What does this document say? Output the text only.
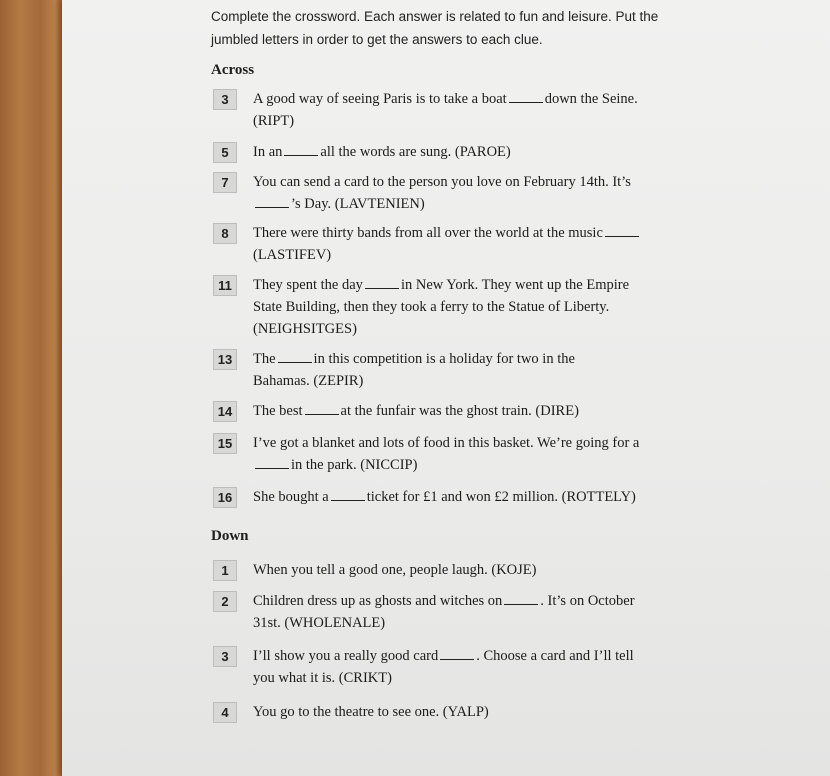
Complete the crossword. Each answer is related to fun and leisure. Put the
jumbled letters in order to get the answers to each clue.
Across
3	A good way of seeing Paris is to take a boat	down the Seine.
(RIPT)
5	In an	all the words are sung. (PAROE)
7	You can send a card to the person you love on February 14th. It’s
’s Day. (LAVTENIEN)
8	There were thirty bands from all over the world at the music
(LASTIFEV)
11	They spent the day	in New York. They went up the Empire
State Building, then they took a ferry to the Statue of Liberty.
(NEIGHSITGES)
13	The	in this competition is a holiday for two in the
Bahamas. (ZEPIR)
14	The best	at the funfair was the ghost train. (DIRE)
15	I’ve got a blanket and lots of food in this basket. We’re going for a
in the park. (NICCIP)
16	She bought a	ticket for £1 and won £2 million. (ROTTELY)
Down
1	When you tell a good one, people laugh. (KOJE)
2	Children dress up as ghosts and witches on	. It’s on October
31st. (WHOLENALE)
3	I’ll show you a really good card	. Choose a card and I’ll tell
you what it is. (CRIKT)
4	You go to the theatre to see one. (YALP)
